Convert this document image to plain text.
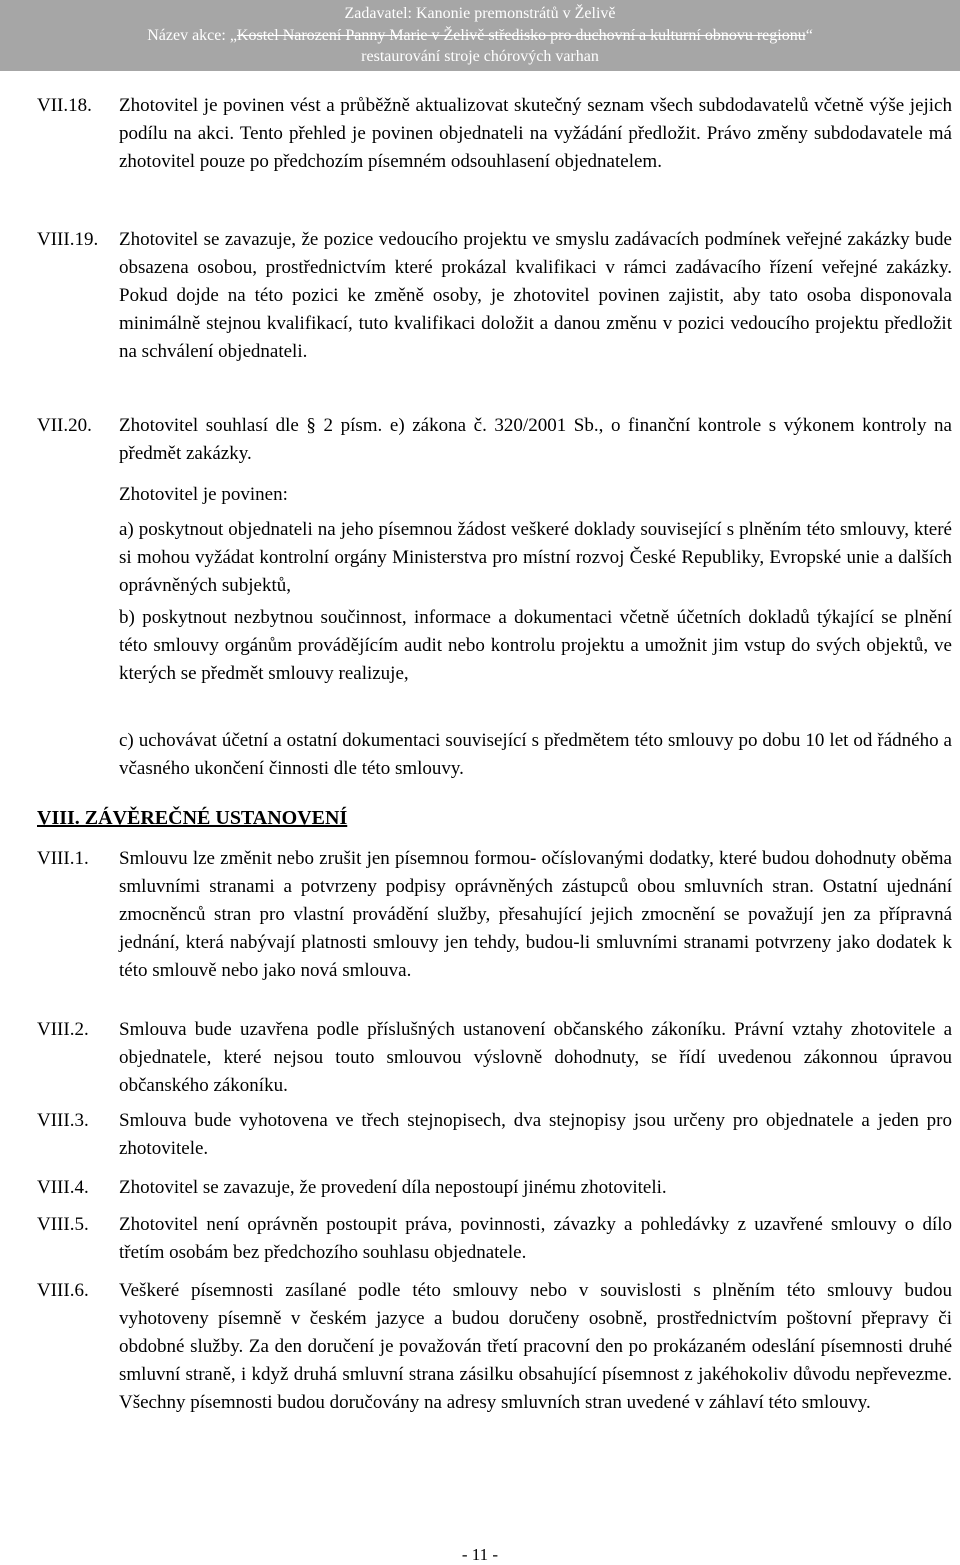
Zadavatel: Kanonie premonstrátů v Želivě
Název akce: „Kostel Narození Panny Marie v Želivě středisko pro duchovní a kulturní obnovu regionu“
restaurování stroje chórových varhan
VII.18. Zhotovitel je povinen vést a průběžně aktualizovat skutečný seznam všech subdodavatelů včetně výše jejich podílu na akci. Tento přehled je povinen objednateli na vyžádání předložit. Právo změny subdodavatele má zhotovitel pouze po předchozím písemném odsouhlasení objednatelem.
VIII.19. Zhotovitel se zavazuje, že pozice vedoucího projektu ve smyslu zadávacích podmínek veřejné zakázky bude obsazena osobou, prostřednictvím které prokázal kvalifikaci v rámci zadávacího řízení veřejné zakázky. Pokud dojde na této pozici ke změně osoby, je zhotovitel povinen zajistit, aby tato osoba disponovala minimálně stejnou kvalifikací, tuto kvalifikaci doložit a danou změnu v pozici vedoucího projektu předložit na schválení objednateli.
VII.20. Zhotovitel souhlasí dle § 2 písm. e) zákona č. 320/2001 Sb., o finanční kontrole s výkonem kontroly na předmět zakázky.
Zhotovitel je povinen:
a) poskytnout objednateli na jeho písemnou žádost veškeré doklady související s plněním této smlouvy, které si mohou vyžádat kontrolní orgány Ministerstva pro místní rozvoj České Republiky, Evropské unie a dalších oprávněných subjektů,
b) poskytnout nezbytnou součinnost, informace a dokumentaci včetně účetních dokladů týkající se plnění této smlouvy orgánům provádějícím audit nebo kontrolu projektu a umožnit jim vstup do svých objektů, ve kterých se předmět smlouvy realizuje,
c) uchovávat účetní a ostatní dokumentaci související s předmětem této smlouvy po dobu 10 let od řádného a včasného ukončení činnosti dle této smlouvy.
VIII. ZÁVĚREČNÉ USTANOVENÍ
VIII.1. Smlouvu lze změnit nebo zrušit jen písemnou formou- očíslovanými dodatky, které budou dohodnuty oběma smluvními stranami a potvrzeny podpisy oprávněných zástupců obou smluvních stran. Ostatní ujednání zmocněnců stran pro vlastní provádění služby, přesahující jejich zmocnění se považují jen za přípravná jednání, která nabývají platnosti smlouvy jen tehdy, budou-li smluvními stranami potvrzeny jako dodatek k této smlouvě nebo jako nová smlouva.
VIII.2. Smlouva bude uzavřena podle příslušných ustanovení občanského zákoníku. Právní vztahy zhotovitele a objednatele, které nejsou touto smlouvou výslovně dohodnuty, se řídí uvedenou zákonnou úpravou občanského zákoníku.
VIII.3. Smlouva bude vyhotovena ve třech stejnopisech, dva stejnopisy jsou určeny pro objednatele a jeden pro zhotovitele.
VIII.4. Zhotovitel se zavazuje, že provedení díla nepostoupí jinému zhotoviteli.
VIII.5. Zhotovitel není oprávněn postoupit práva, povinnosti, závazky a pohledávky z uzavřené smlouvy o dílo třetím osobám bez předchozího souhlasu objednatele.
VIII.6. Veškeré písemnosti zasílané podle této smlouvy nebo v souvislosti s plněním této smlouvy budou vyhotoveny písemně v českém jazyce a budou doručeny osobně, prostřednictvím poštovní přepravy či obdobné služby. Za den doručení je považován třetí pracovní den po prokázaném odeslání písemnosti druhé smluvní straně, i když druhá smluvní strana zásilku obsahující písemnost z jakéhokoliv důvodu nepřevezme. Všechny písemnosti budou doručovány na adresy smluvních stran uvedené v záhlaví této smlouvy.
- 11 -
